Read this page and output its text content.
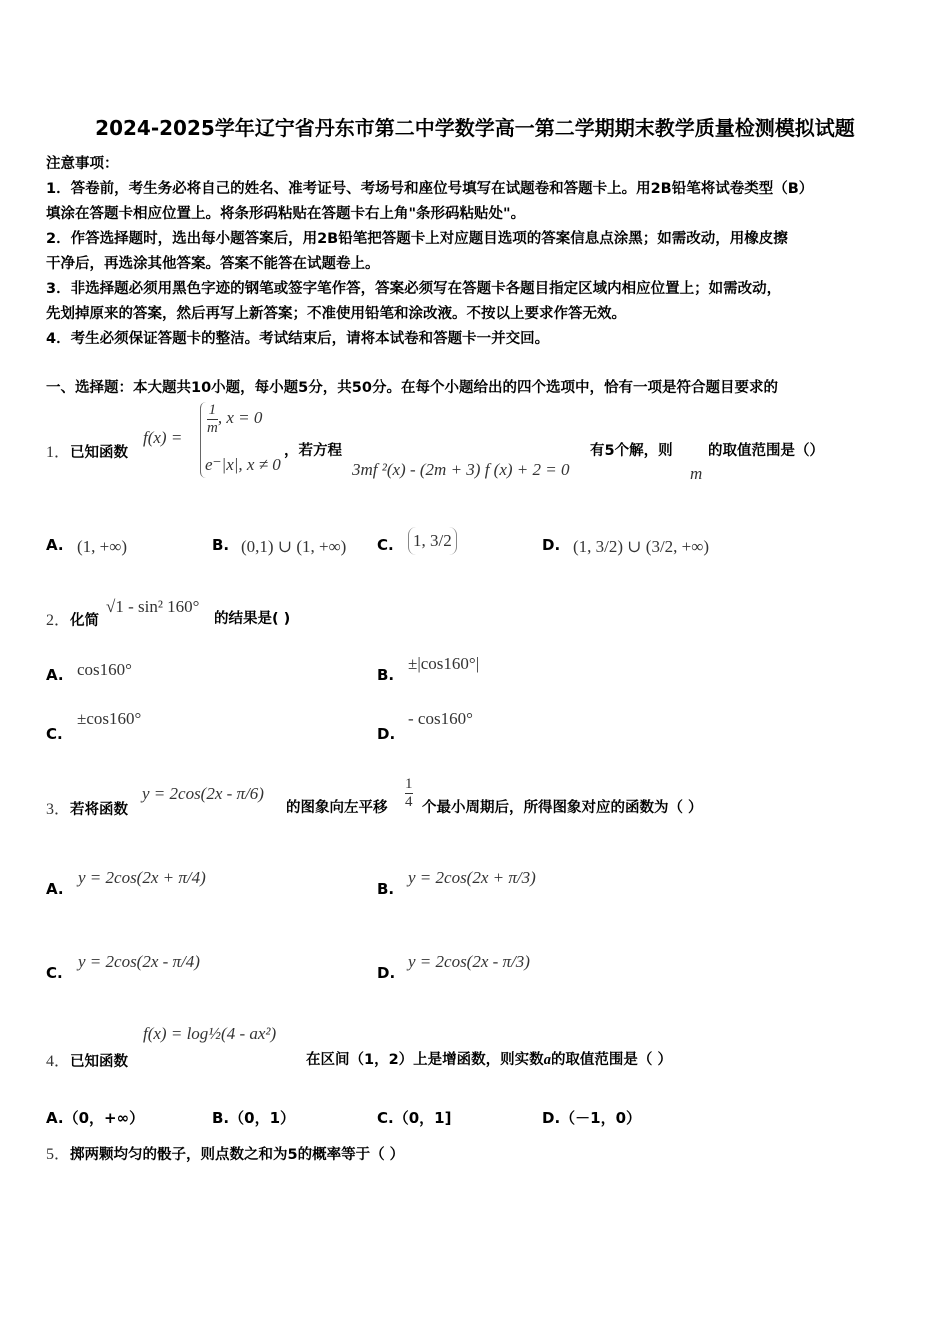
2024-2025学年辽宁省丹东市第二中学数学高一第二学期期末教学质量检测模拟试题
注意事项：
1．答卷前，考生务必将自己的姓名、准考证号、考场号和座位号填写在试题卷和答题卡上。用2B铅笔将试卷类型（B）
填涂在答题卡相应位置上。将条形码粘贴在答题卡右上角"条形码粘贴处"。
2．作答选择题时，选出每小题答案后，用2B铅笔把答题卡上对应题目选项的答案信息点涂黑；如需改动，用橡皮擦
干净后，再选涂其他答案。答案不能答在试题卷上。
3．非选择题必须用黑色字迹的钢笔或签字笔作答，答案必须写在答题卡各题目指定区域内相应位置上；如需改动，
先划掉原来的答案，然后再写上新答案；不准使用铅笔和涂改液。不按以上要求作答无效。
4．考生必须保证答题卡的整洁。考试结束后，请将本试卷和答题卡一并交回。
一、选择题：本大题共10小题，每小题5分，共50分。在每个小题给出的四个选项中，恰有一项是符合题目要求的
1．已知函数
f(x) =
$\frac{1}{m}$ , x = 0
e⁻|x|, x ≠ 0
，若方程
3mf ²(x) - (2m + 3) f (x) + 2 = 0
有5个解，则
m
的取值范围是（）
A. (1, +∞)	B. (0,1) ∪ (1, +∞) C. 1, 3/2	D. (1, 3/2) ∪ (3/2, +∞)
2．化简
√1 - sin² 160°
的结果是( )
A. cos160°	B.
±|cos160°|
C.
±cos160°
D.
- cos160°
3．若将函数
y = 2cos(2x - π/6)
的图象向左平移 $\frac{1}{4}$ 个最小周期后，所得图象对应的函数为（ ）
A.
y = 2cos(2x + π/4)
B.
y = 2cos(2x + π/3)
C.
y = 2cos(2x - π/4)
D.
y = 2cos(2x - π/3)
4．已知函数
f(x) = log½(4 - ax²)
在区间（1，2）上是增函数，则实数a的取值范围是（ ）
A.（0，+∞）	B.（0，1）	C.（0，1]	D.（－1，0）
5．掷两颗均匀的骰子，则点数之和为5的概率等于（ ）
